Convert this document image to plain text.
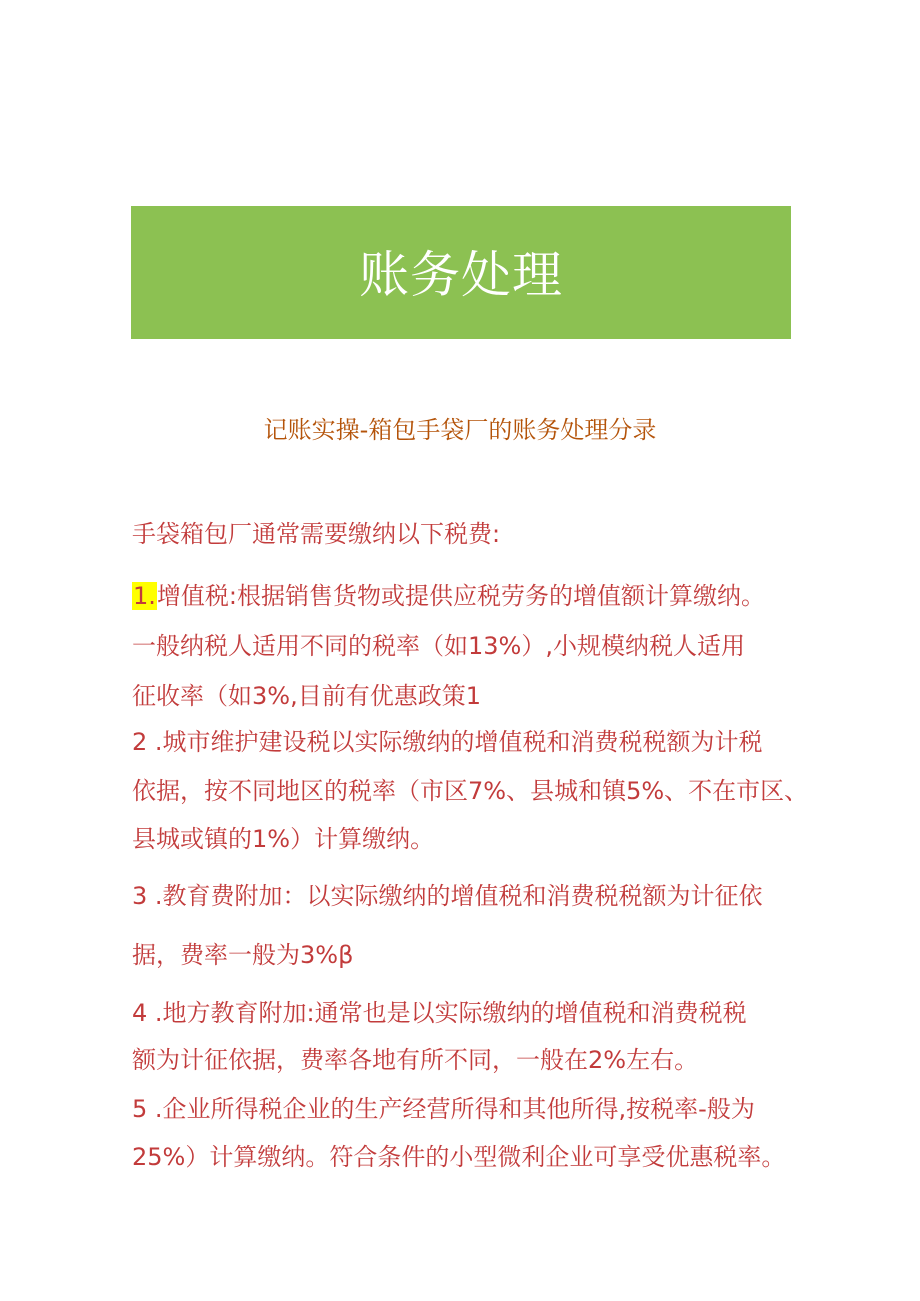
账务处理
记账实操-箱包手袋厂的账务处理分录
手袋箱包厂通常需要缴纳以下税费:
1.增值税:根据销售货物或提供应税劳务的增值额计算缴纳。
一般纳税人适用不同的税率（如13%）,小规模纳税人适用
征收率（如3%,目前有优惠政策1
2 .城市维护建设税以实际缴纳的增值税和消费税税额为计税
依据，按不同地区的税率（市区7%、县城和镇5%、不在市区、
县城或镇的1%）计算缴纳。
3 .教育费附加：以实际缴纳的增值税和消费税税额为计征依
据，费率一般为3%β
4 .地方教育附加:通常也是以实际缴纳的增值税和消费税税
额为计征依据，费率各地有所不同，一般在2%左右。
5 .企业所得税企业的生产经营所得和其他所得,按税率-般为
25%）计算缴纳。符合条件的小型微利企业可享受优惠税率。
